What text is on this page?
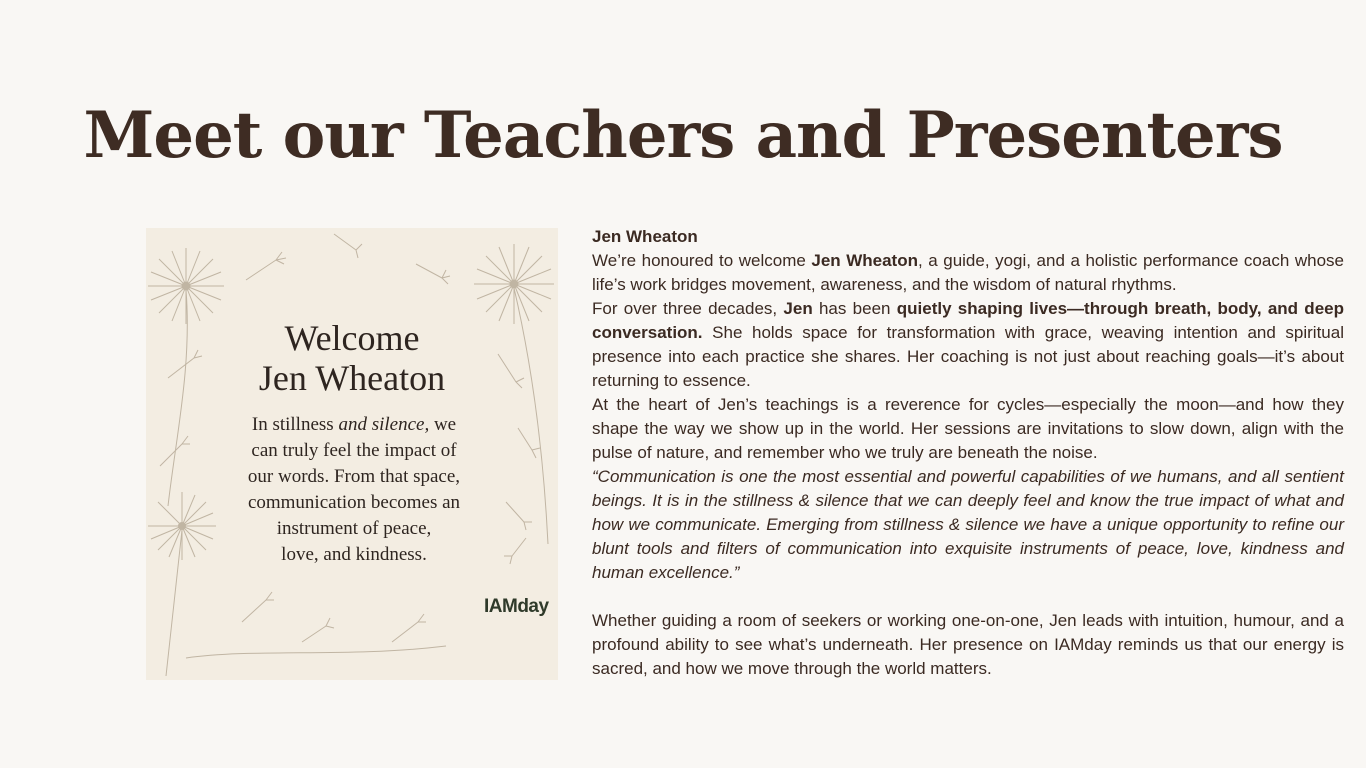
Meet our Teachers and Presenters
Welcome
Jen Wheaton
In stillness and silence, we
can truly feel the impact of
our words. From that space,
communication becomes an
instrument of peace,
love, and kindness.
IAMday

Jen Wheaton

We’re honoured to welcome Jen Wheaton, a guide, yogi, and a holistic performance coach whose life’s work bridges movement, awareness, and the wisdom of natural rhythms.

For over three decades, Jen has been quietly shaping lives—through breath, body, and deep conversation. She holds space for transformation with grace, weaving intention and spiritual presence into each practice she shares. Her coaching is not just about reaching goals—it’s about returning to essence.

At the heart of Jen’s teachings is a reverence for cycles—especially the moon—and how they shape the way we show up in the world. Her sessions are invitations to slow down, align with the pulse of nature, and remember who we truly are beneath the noise.

“Communication is one the most essential and powerful capabilities of we humans, and all sentient beings. It is in the stillness & silence that we can deeply feel and know the true impact of what and how we communicate. Emerging from stillness & silence we have a unique opportunity to refine our blunt tools and filters of communication into exquisite instruments of peace, love, kindness and human excellence.”

Whether guiding a room of seekers or working one-on-one, Jen leads with intuition, humour, and a profound ability to see what’s underneath. Her presence on IAMday reminds us that our energy is sacred, and how we move through the world matters.
